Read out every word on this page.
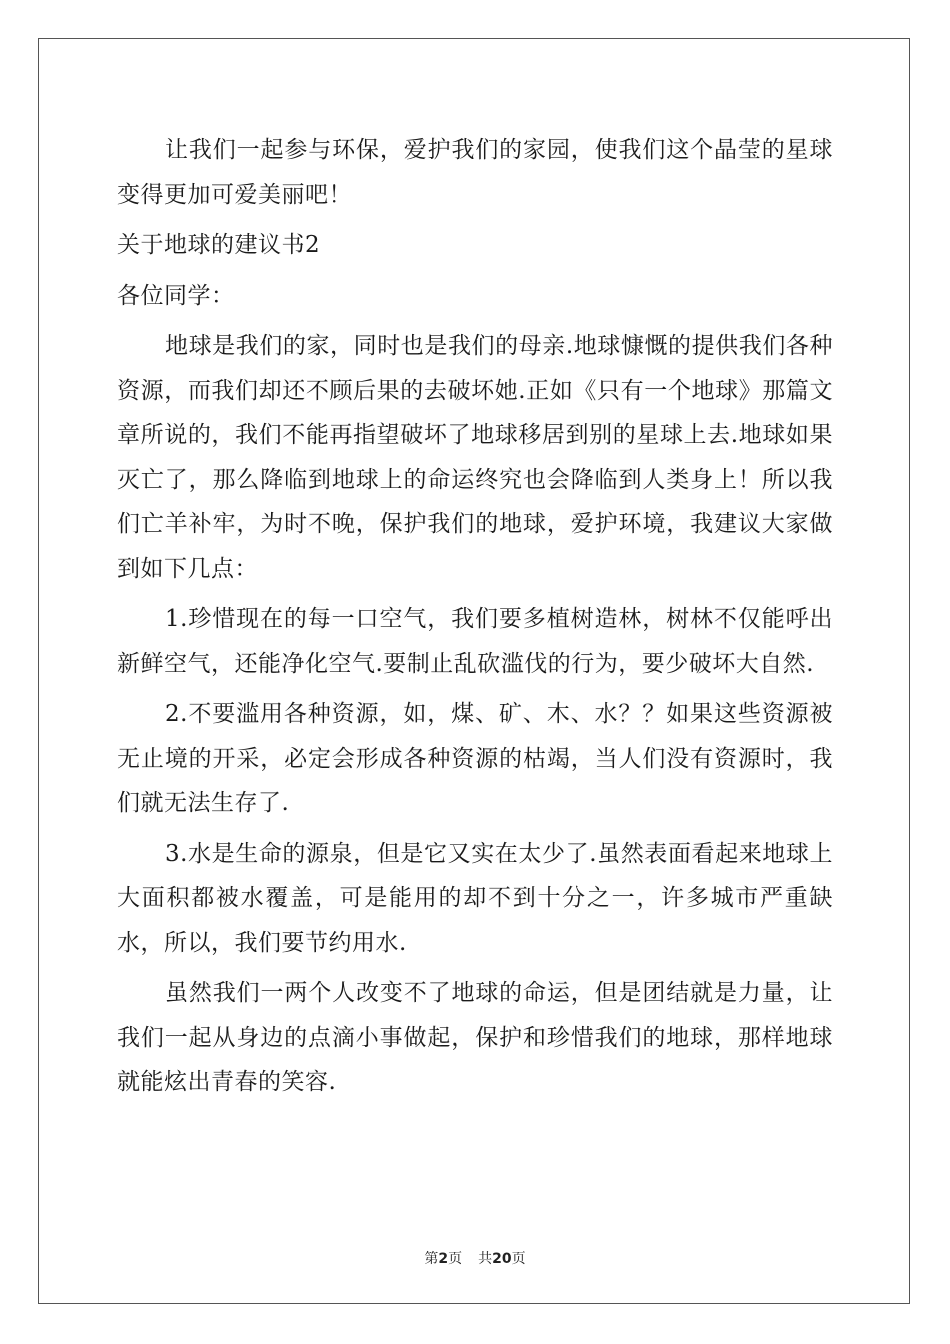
让我们一起参与环保，爱护我们的家园，使我们这个晶莹的星球变得更加可爱美丽吧！

关于地球的建议书2

各位同学：

地球是我们的家，同时也是我们的母亲.地球慷慨的提供我们各种资源，而我们却还不顾后果的去破坏她.正如《只有一个地球》那篇文章所说的，我们不能再指望破坏了地球移居到别的星球上去.地球如果灭亡了，那么降临到地球上的命运终究也会降临到人类身上！所以我们亡羊补牢，为时不晚，保护我们的地球，爱护环境，我建议大家做到如下几点：

1.珍惜现在的每一口空气，我们要多植树造林，树林不仅能呼出新鲜空气，还能净化空气.要制止乱砍滥伐的行为，要少破坏大自然.

2.不要滥用各种资源，如，煤、矿、木、水？？如果这些资源被无止境的开采，必定会形成各种资源的枯竭，当人们没有资源时，我们就无法生存了.

3.水是生命的源泉，但是它又实在太少了.虽然表面看起来地球上大面积都被水覆盖，可是能用的却不到十分之一，许多城市严重缺水，所以，我们要节约用水.

虽然我们一两个人改变不了地球的命运，但是团结就是力量，让我们一起从身边的点滴小事做起，保护和珍惜我们的地球，那样地球就能炫出青春的笑容.

第2页 共20页
